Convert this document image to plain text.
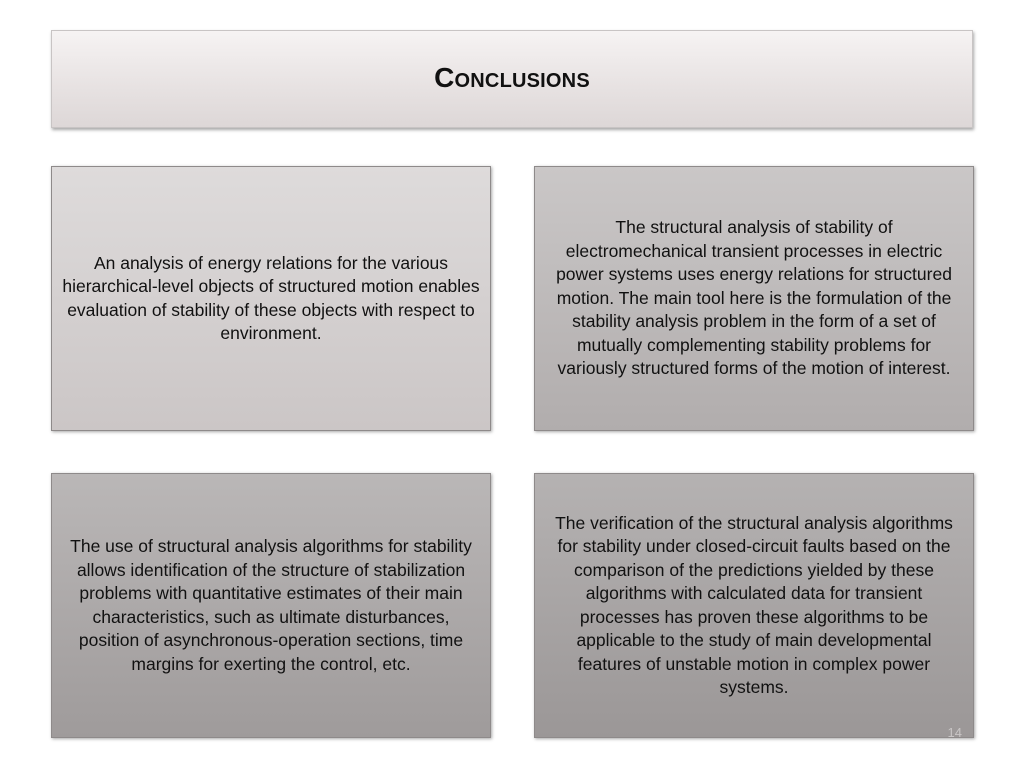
Conclusions
An analysis of energy relations for the various hierarchical-level objects of structured motion enables evaluation of stability of these objects with respect to environment.
The structural analysis of stability of electromechanical transient processes in electric power systems uses energy relations for structured motion. The main tool here is the formulation of the stability analysis problem in the form of a set of mutually complementing stability problems for variously structured forms of the motion of interest.
The use of structural analysis algorithms for stability allows identification of the structure of stabilization problems with quantitative estimates of their main characteristics, such as ultimate disturbances, position of asynchronous-operation sections, time margins for exerting the control, etc.
The verification of the structural analysis algorithms for stability under closed-circuit faults based on the comparison of the predictions yielded by these algorithms with calculated data for transient processes has proven these algorithms to be applicable to the study of main developmental features of unstable motion in complex power systems.
14
